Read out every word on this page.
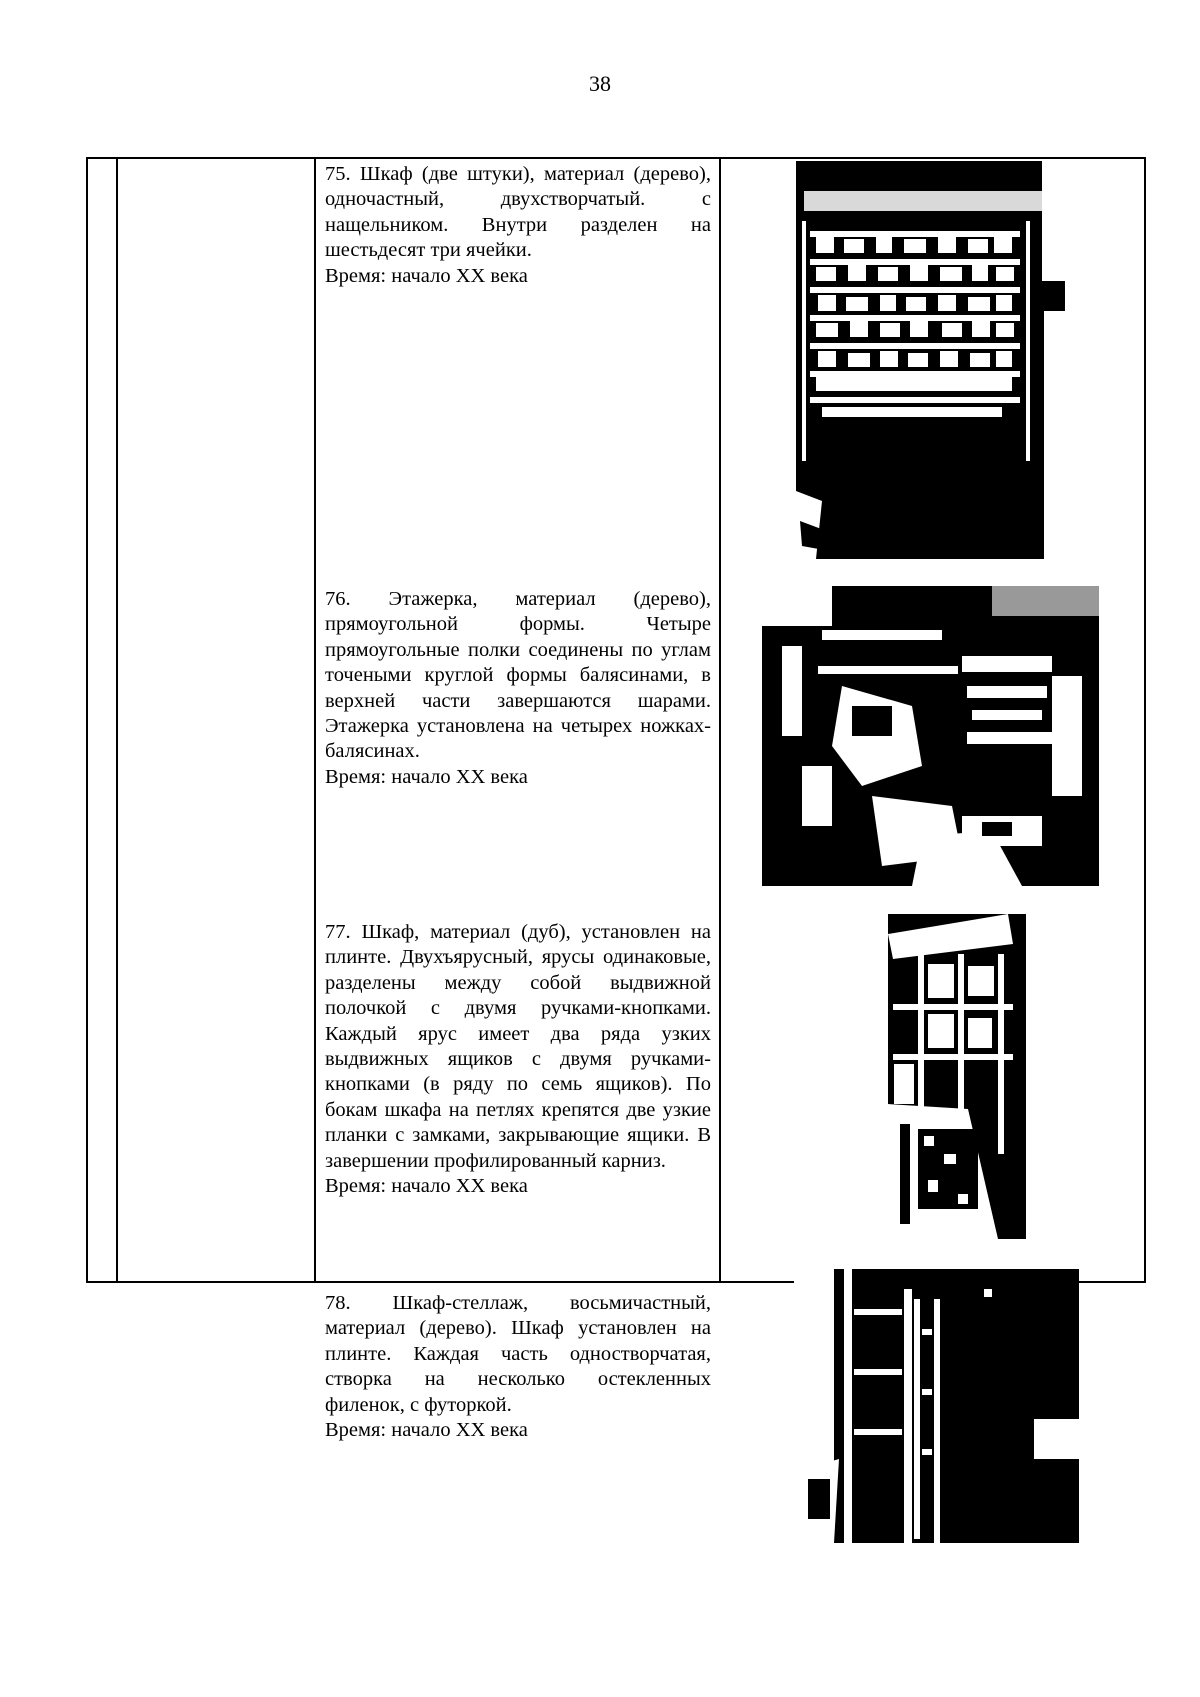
38

75. Шкаф (две штуки), материал (дерево), одночастный, двухстворчатый. с нащельником. Внутри разделен на шестьдесят три ячейки.

Время: начало XX века

76. Этажерка, материал (дерево), прямоугольной формы. Четыре прямоугольные полки соединены по углам точеными круглой формы балясинами, в верхней части завершаются шарами. Этажерка установлена на четырех ножках-балясинах.

Время: начало XX века

77. Шкаф, материал (дуб), установлен на плинте. Двухъярусный, ярусы одинаковые, разделены между собой выдвижной полочкой с двумя ручками-кнопками. Каждый ярус имеет два ряда узких выдвижных ящиков с двумя ручками-кнопками (в ряду по семь ящиков). По бокам шкафа на петлях крепятся две узкие планки с замками, закрывающие ящики. В завершении профилированный карниз.

Время: начало XX века

78. Шкаф-стеллаж, восьмичастный, материал (дерево). Шкаф установлен на плинте. Каждая часть одностворчатая, створка на несколько остекленных филенок, с футоркой.

Время: начало XX века
